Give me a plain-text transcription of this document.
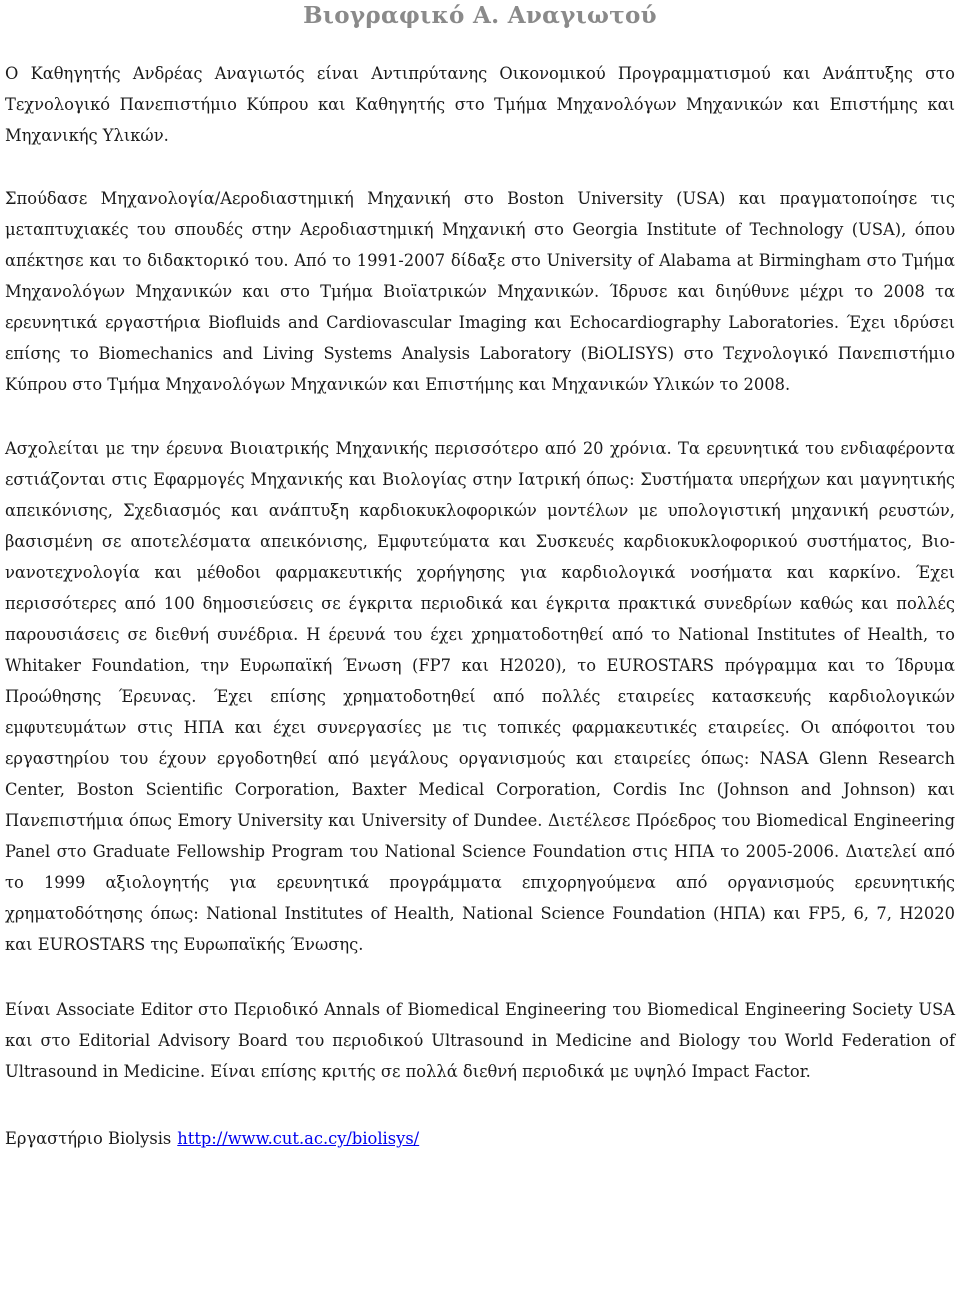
Βιογραφικό Α. Αναγιωτού

Ο Καθηγητής Ανδρέας Αναγιωτός είναι Αντιπρύτανης Οικονομικού Προγραμματισμού και Ανάπτυξης στο Τεχνολογικό Πανεπιστήμιο Κύπρου και Καθηγητής στο Τμήμα Μηχανολόγων Μηχανικών και Επιστήμης και Μηχανικής Υλικών.

Σπούδασε Μηχανολογία/Αεροδιαστημική Μηχανική στο Boston University (USA) και πραγματοποίησε τις μεταπτυχιακές του σπουδές στην Αεροδιαστημική Μηχανική στο Georgia Institute of Technology (USA), όπου απέκτησε και το διδακτορικό του. Από το 1991-2007 δίδαξε στο University of Alabama at Birmingham στο Τμήμα Μηχανολόγων Μηχανικών και στο Τμήμα Βιοϊατρικών Μηχανικών. Ίδρυσε και διηύθυνε μέχρι το 2008 τα ερευνητικά εργαστήρια Biofluids and Cardiovascular Imaging και Echocardiography Laboratories. Έχει ιδρύσει επίσης το Biomechanics and Living Systems Analysis Laboratory (BiOLISYS) στο Τεχνολογικό Πανεπιστήμιο Κύπρου στο Τμήμα Μηχανολόγων Μηχανικών και Επιστήμης και Μηχανικών Υλικών το 2008.

Ασχολείται με την έρευνα Βιοιατρικής Μηχανικής περισσότερο από 20 χρόνια. Τα ερευνητικά του ενδιαφέροντα εστιάζονται στις Εφαρμογές Μηχανικής και Βιολογίας στην Ιατρική όπως: Συστήματα υπερήχων και μαγνητικής απεικόνισης, Σχεδιασμός και ανάπτυξη καρδιοκυκλοφορικών μοντέλων με υπολογιστική μηχανική ρευστών, βασισμένη σε αποτελέσματα απεικόνισης, Εμφυτεύματα και Συσκευές καρδιοκυκλοφορικού συστήματος, Βιο-νανοτεχνολογία και μέθοδοι φαρμακευτικής χορήγησης για καρδιολογικά νοσήματα και καρκίνο. Έχει περισσότερες από 100 δημοσιεύσεις σε έγκριτα περιοδικά και έγκριτα πρακτικά συνεδρίων καθώς και πολλές παρουσιάσεις σε διεθνή συνέδρια. Η έρευνά του έχει χρηματοδοτηθεί από το National Institutes of Health, το Whitaker Foundation, την Ευρωπαϊκή Ένωση (FP7 και H2020), το EUROSTARS πρόγραμμα και το Ίδρυμα Προώθησης Έρευνας. Έχει επίσης χρηματοδοτηθεί από πολλές εταιρείες κατασκευής καρδιολογικών εμφυτευμάτων στις ΗΠΑ και έχει συνεργασίες με τις τοπικές φαρμακευτικές εταιρείες. Οι απόφοιτοι του εργαστηρίου του έχουν εργοδοτηθεί από μεγάλους οργανισμούς και εταιρείες όπως: NASA Glenn Research Center, Boston Scientific Corporation, Baxter Medical Corporation, Cordis Inc (Johnson and Johnson) και Πανεπιστήμια όπως Emory University και University of Dundee. Διετέλεσε Πρόεδρος του Biomedical Engineering Panel στο Graduate Fellowship Program του National Science Foundation στις ΗΠΑ το 2005-2006. Διατελεί από το 1999 αξιολογητής για ερευνητικά προγράμματα επιχορηγούμενα από οργανισμούς ερευνητικής χρηματοδότησης όπως: National Institutes of Health, National Science Foundation (ΗΠΑ) και FP5, 6, 7, H2020 και EUROSTARS της Ευρωπαϊκής Ένωσης.

Είναι Associate Editor στο Περιοδικό Annals of Biomedical Engineering του Biomedical Engineering Society USA και στο Editorial Advisory Board του περιοδικού Ultrasound in Medicine and Biology του World Federation of Ultrasound in Medicine. Είναι επίσης κριτής σε πολλά διεθνή περιοδικά με υψηλό Impact Factor.

Εργαστήριο Biolysis http://www.cut.ac.cy/biolisys/
